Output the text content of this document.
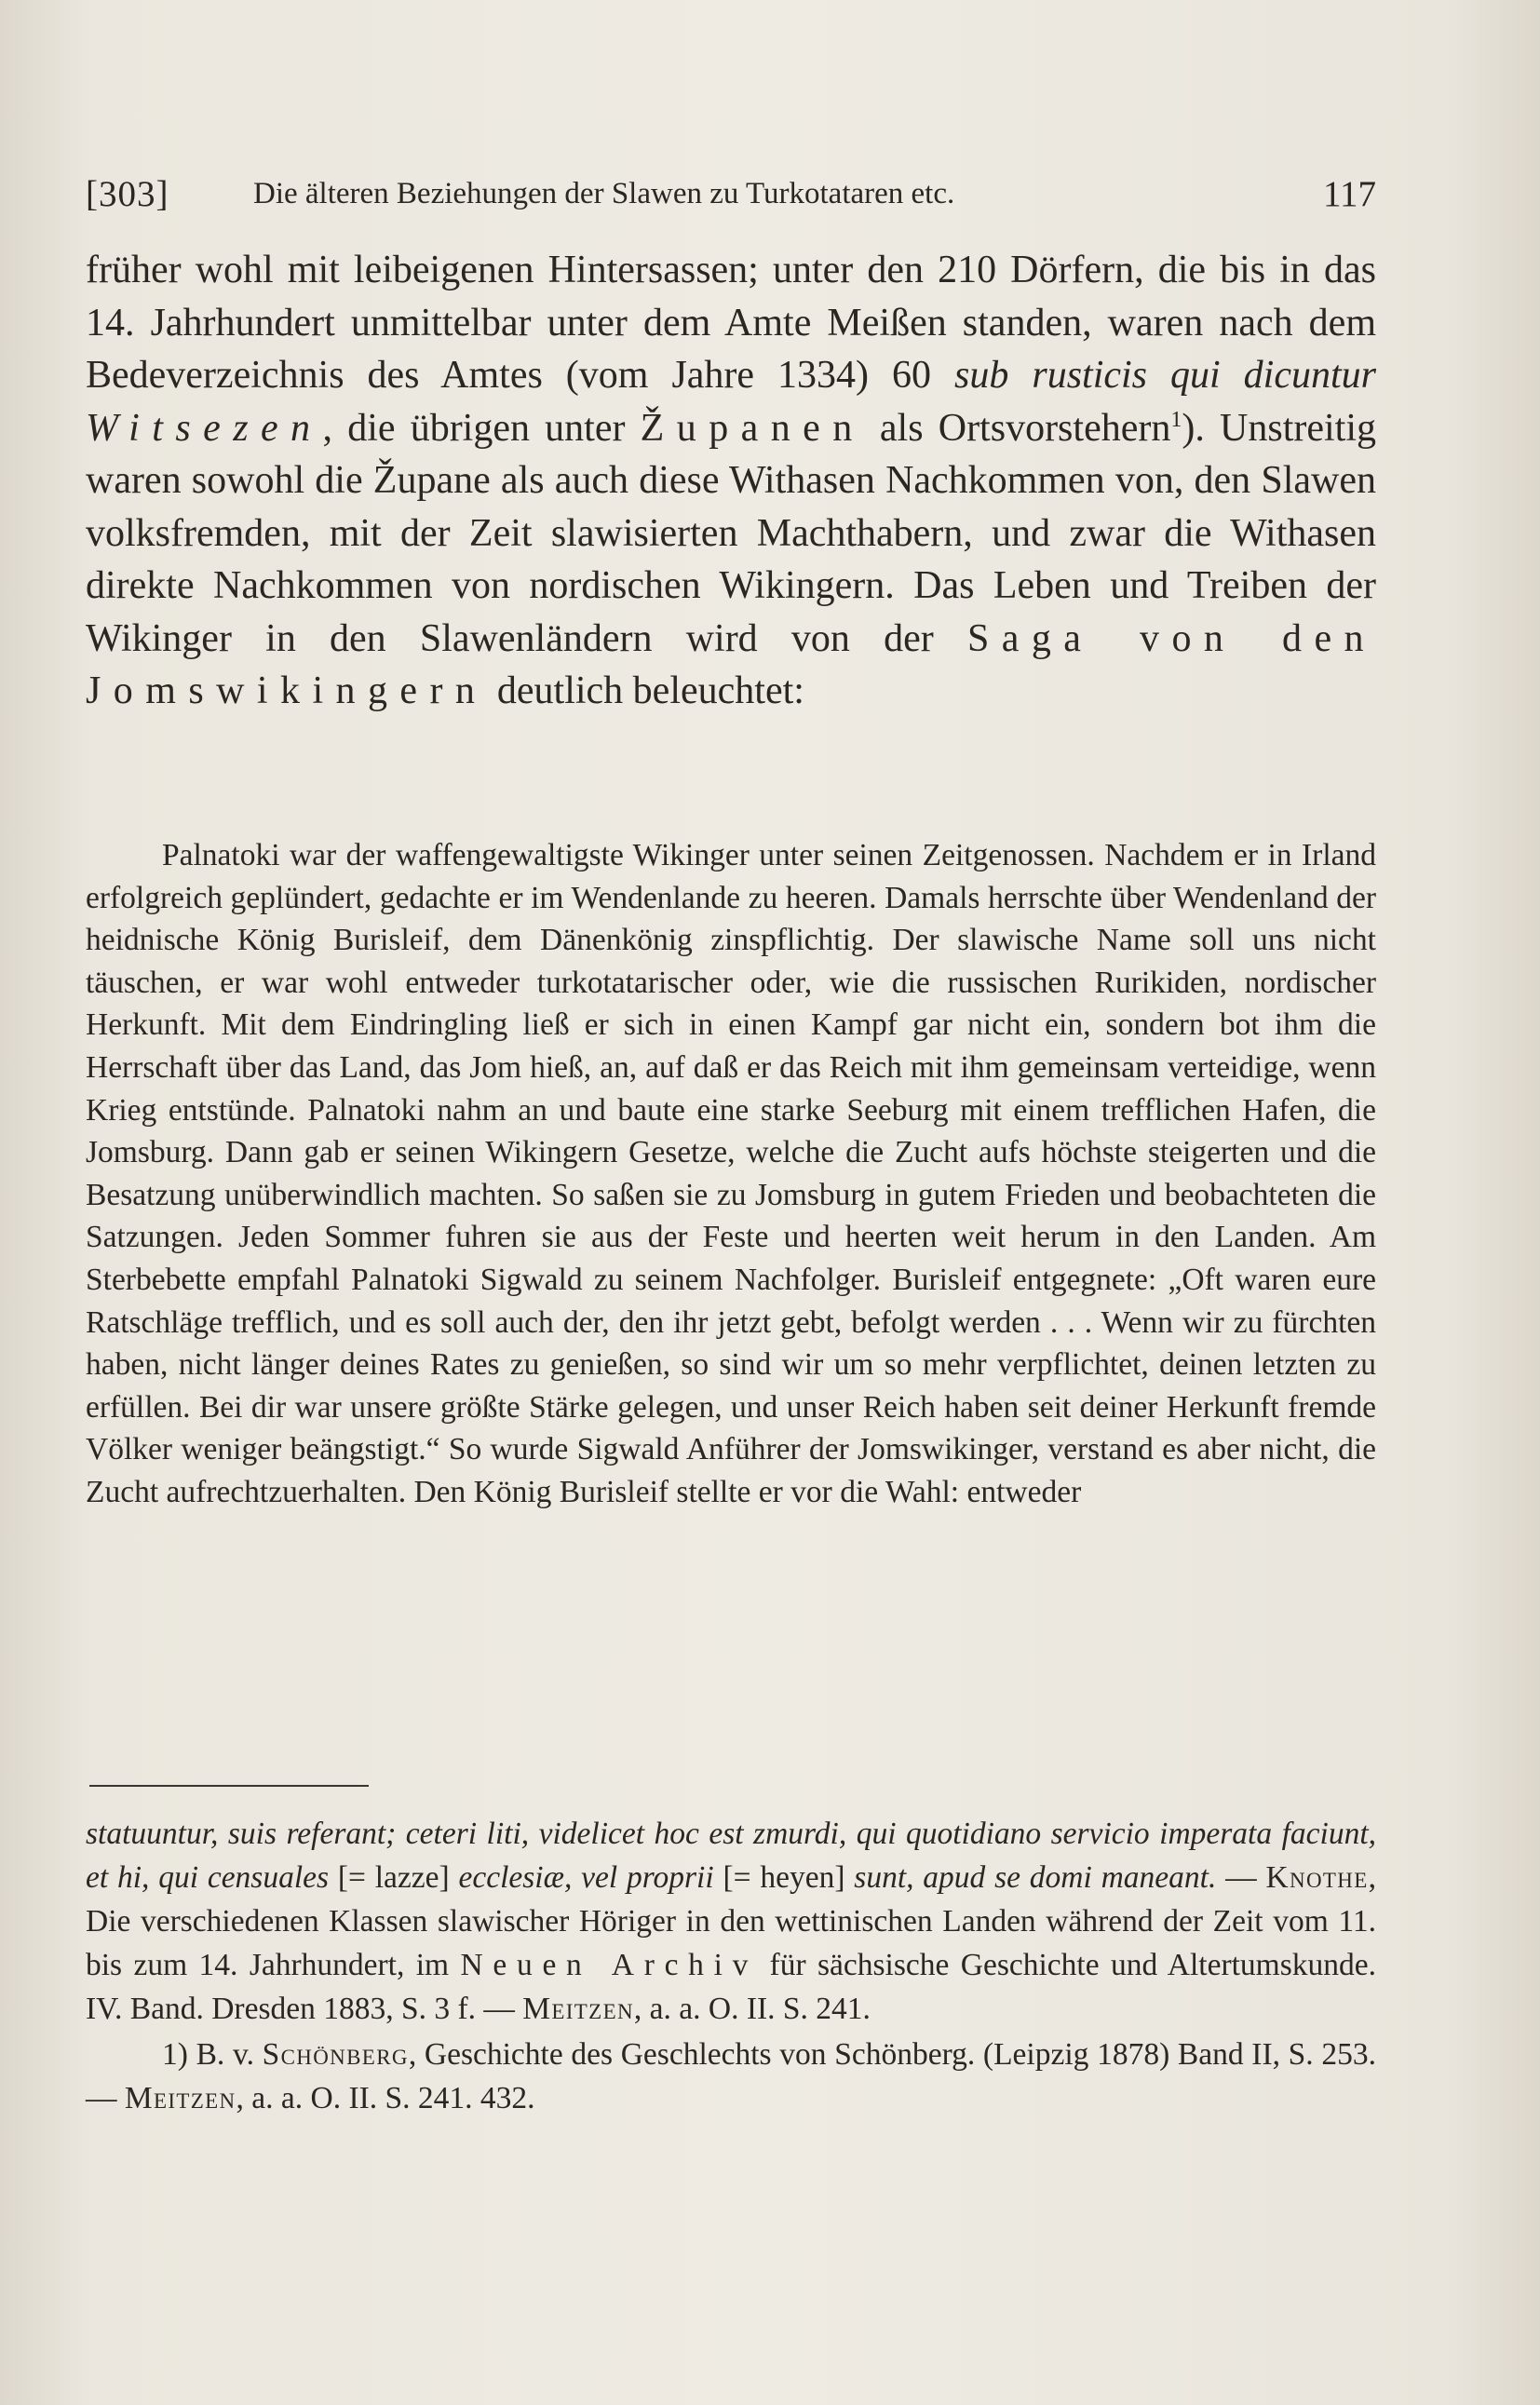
[303]	Die älteren Beziehungen der Slawen zu Turkotataren etc.	117

früher wohl mit leibeigenen Hintersassen; unter den 210 Dörfern, die bis in das 14. Jahrhundert unmittelbar unter dem Amte Meißen standen, waren nach dem Bedeverzeichnis des Amtes (vom Jahre 1334) 60 sub rusticis qui dicuntur Witsezen, die übrigen unter Županen als Ortsvorstehern$^1$). Unstreitig waren sowohl die Župane als auch diese Withasen Nachkommen von, den Slawen volksfremden, mit der Zeit slawisierten Machthabern, und zwar die Withasen direkte Nachkommen von nordischen Wikingern. Das Leben und Treiben der Wikinger in den Slawenländern wird von der Saga von den Jomswikingern deutlich beleuchtet:

Palnatoki war der waffengewaltigste Wikinger unter seinen Zeitgenossen. Nachdem er in Irland erfolgreich geplündert, gedachte er im Wendenlande zu heeren. Damals herrschte über Wendenland der heidnische König Burisleif, dem Dänenkönig zinspflichtig. Der slawische Name soll uns nicht täuschen, er war wohl entweder turkotatarischer oder, wie die russischen Rurikiden, nordischer Herkunft. Mit dem Eindringling ließ er sich in einen Kampf gar nicht ein, sondern bot ihm die Herrschaft über das Land, das Jom hieß, an, auf daß er das Reich mit ihm gemeinsam verteidige, wenn Krieg entstünde. Palnatoki nahm an und baute eine starke Seeburg mit einem trefflichen Hafen, die Jomsburg. Dann gab er seinen Wikingern Gesetze, welche die Zucht aufs höchste steigerten und die Besatzung unüberwindlich machten. So saßen sie zu Jomsburg in gutem Frieden und beobachteten die Satzungen. Jeden Sommer fuhren sie aus der Feste und heerten weit herum in den Landen. Am Sterbebette empfahl Palnatoki Sigwald zu seinem Nachfolger. Burisleif entgegnete: „Oft waren eure Ratschläge trefflich, und es soll auch der, den ihr jetzt gebt, befolgt werden . . . Wenn wir zu fürchten haben, nicht länger deines Rates zu genießen, so sind wir um so mehr verpflichtet, deinen letzten zu erfüllen. Bei dir war unsere größte Stärke gelegen, und unser Reich haben seit deiner Herkunft fremde Völker weniger beängstigt.“ So wurde Sigwald Anführer der Jomswikinger, verstand es aber nicht, die Zucht aufrechtzuerhalten. Den König Burisleif stellte er vor die Wahl: entweder

statuuntur, suis referant; ceteri liti, videlicet hoc est zmurdi, qui quotidiano servicio imperata faciunt, et hi, qui censuales [= lazze] ecclesiæ, vel proprii [= heyen] sunt, apud se domi maneant. — Knothe, Die verschiedenen Klassen slawischer Höriger in den wettinischen Landen während der Zeit vom 11. bis zum 14. Jahrhundert, im Neuen Archiv für sächsische Geschichte und Altertumskunde. IV. Band. Dresden 1883, S. 3 f. — Meitzen, a. a. O. II. S. 241.

1) B. v. Schönberg, Geschichte des Geschlechts von Schönberg. (Leipzig 1878) Band II, S. 253. — Meitzen, a. a. O. II. S. 241. 432.
